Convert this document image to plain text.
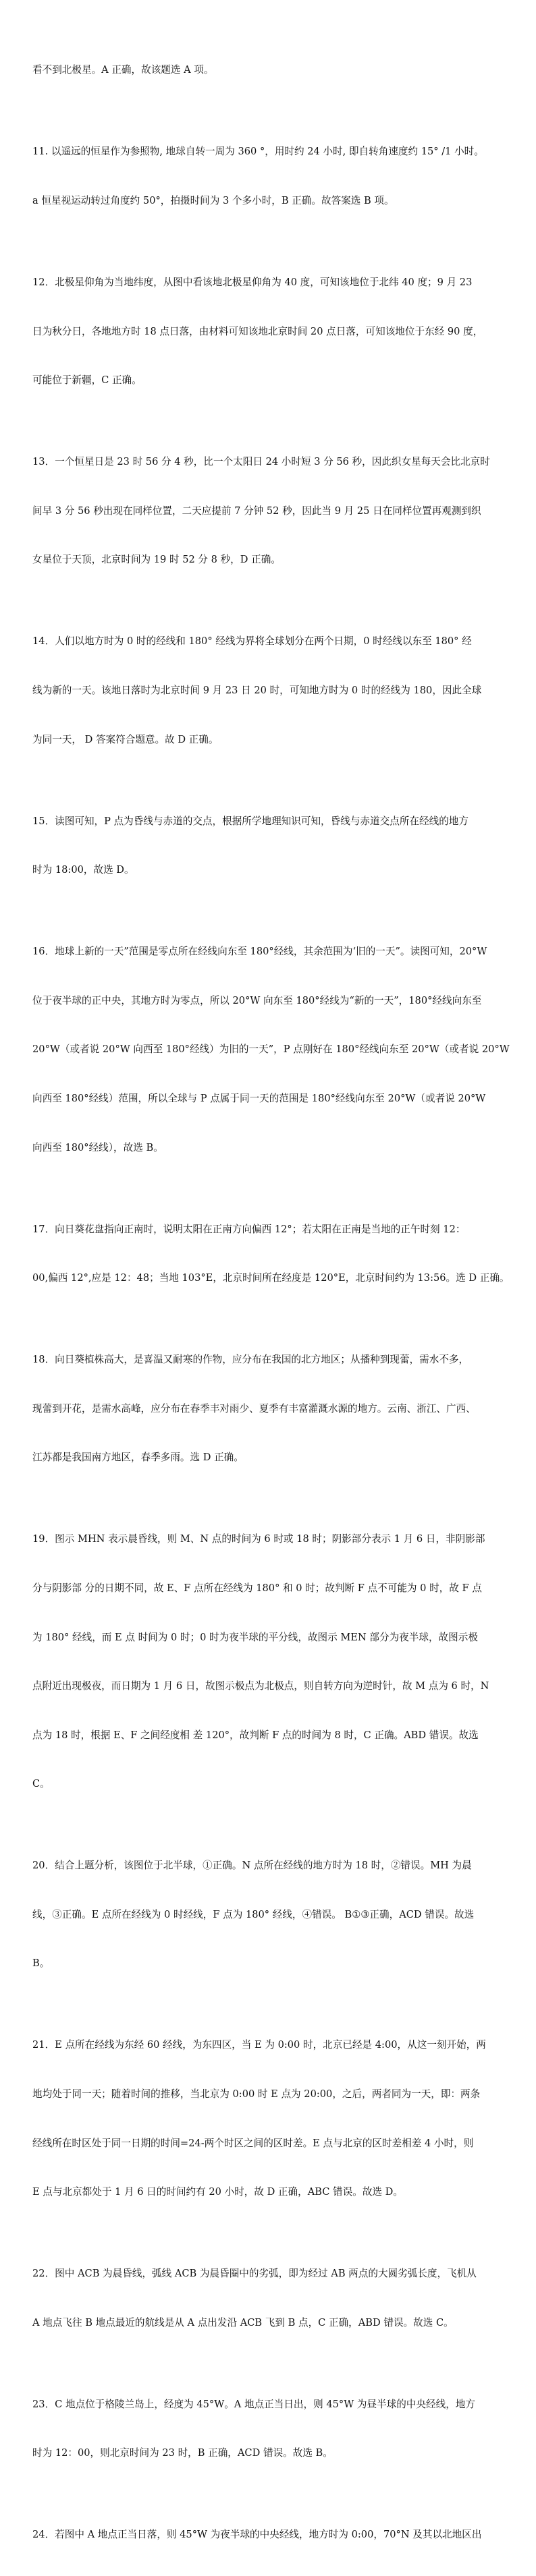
看不到北极星。A 正确，故该题选 A 项。

11. 以遥远的恒星作为参照物, 地球自转一周为 360 °，用时约 24 小时, 即自转角速度约 15° /1 小时。

a 恒星视运动转过角度约 50°，拍摄时间为 3 个多小时，B 正确。故答案选 B 项。

12．北极星仰角为当地纬度，从图中看该地北极星仰角为 40 度，可知该地位于北纬 40 度；9 月 23

日为秋分日，各地地方时 18 点日落，由材料可知该地北京时间 20 点日落，可知该地位于东经 90 度，

可能位于新疆，C 正确。

13．一个恒星日是 23 时 56 分 4 秒，比一个太阳日 24 小时短 3 分 56 秒，因此织女星每天会比北京时

间早 3 分 56 秒出现在同样位置，二天应提前 7 分钟 52 秒，因此当 9 月 25 日在同样位置再观测到织

女星位于天顶，北京时间为 19 时 52 分 8 秒，D 正确。

14．人们以地方时为 0 时的经线和 180° 经线为界将全球划分在两个日期，0 时经线以东至 180° 经

线为新的一天。该地日落时为北京时间 9 月 23 日 20 时，可知地方时为 0 时的经线为 180，因此全球

为同一天， D 答案符合题意。故 D 正确。

15．读图可知，P 点为昏线与赤道的交点，根据所学地理知识可知，昏线与赤道交点所在经线的地方

时为 18:00，故选 D。

16．地球上新的一天”范围是零点所在经线向东至 180°经线，其余范围为‘旧的一天”。读图可知，20°W

位于夜半球的正中央，其地方时为零点，所以 20°W 向东至 180°经线为“新的一天”，180°经线向东至

20°W（或者说 20°W 向西至 180°经线）为旧的一天”，P 点刚好在 180°经线向东至 20°W（或者说 20°W

向西至 180°经线）范围，所以全球与 P 点属于同一天的范围是 180°经线向东至 20°W（或者说 20°W

向西至 180°经线），故选 B。

17．向日葵花盘指向正南时，说明太阳在正南方向偏西 12°；若太阳在正南是当地的正午时刻 12：

00,偏西 12°,应是 12：48；当地 103°E，北京时间所在经度是 120°E，北京时间约为 13:56。选 D 正确。

18．向日葵植株高大，是喜温又耐寒的作物，应分布在我国的北方地区；从播种到现蕾，需水不多，

现蕾到开花，是需水高峰，应分布在春季丰对雨少、夏季有丰富灌溉水源的地方。云南、浙江、广西、

江苏都是我国南方地区，春季多雨。选 D 正确。

19．图示 MHN 表示晨昏线，则 M、N 点的时间为 6 时或 18 时；阴影部分表示 1 月 6 日，非阴影部

分与阴影部 分的日期不同，故 E、F 点所在经线为 180° 和 0 时；故判断 F 点不可能为 0 时，故 F 点

为 180° 经线，而 E 点 时间为 0 时；0 时为夜半球的平分线，故图示 MEN 部分为夜半球，故图示极

点附近出现极夜，而日期为 1 月 6 日，故图示极点为北极点，则自转方向为逆时针，故 M 点为 6 时，N

点为 18 时，根据 E、F 之间经度相 差 120°，故判断 F 点的时间为 8 时，C 正确。ABD 错误。故选

C。

20．结合上题分析，该图位于北半球，①正确。N 点所在经线的地方时为 18 时，②错误。MH 为晨

线，③正确。E 点所在经线为 0 时经线，F 点为 180° 经线，④错误。 B①③正确，ACD 错误。故选

B。

21．E 点所在经线为东经 60 经线，为东四区，当 E 为 0:00 时，北京已经是 4:00，从这一刻开始，两

地均处于同一天；随着时间的推移，当北京为 0:00 时 E 点为 20:00，之后，两者同为一天，即：两条

经线所在时区处于同一日期的时间=24-两个时区之间的区时差。E 点与北京的区时差相差 4 小时，则

E 点与北京都处于 1 月 6 日的时间约有 20 小时，故 D 正确，ABC 错误。故选 D。

22．图中 ACB 为晨昏线，弧线 ACB 为晨昏圈中的劣弧，即为经过 AB 两点的大圆劣弧长度，飞机从

A 地点飞往 B 地点最近的航线是从 A 点出发沿 ACB 飞到 B 点，C 正确，ABD 错误。故选 C。

23．C 地点位于格陵兰岛上，经度为 45°W。A 地点正当日出，则 45°W 为昼半球的中央经线，地方

时为 12：00，则北京时间为 23 时，B 正确，ACD 错误。故选 B。

24．若图中 A 地点正当日落，则 45°W 为夜半球的中央经线，地方时为 0:00，70°N 及其以北地区出
